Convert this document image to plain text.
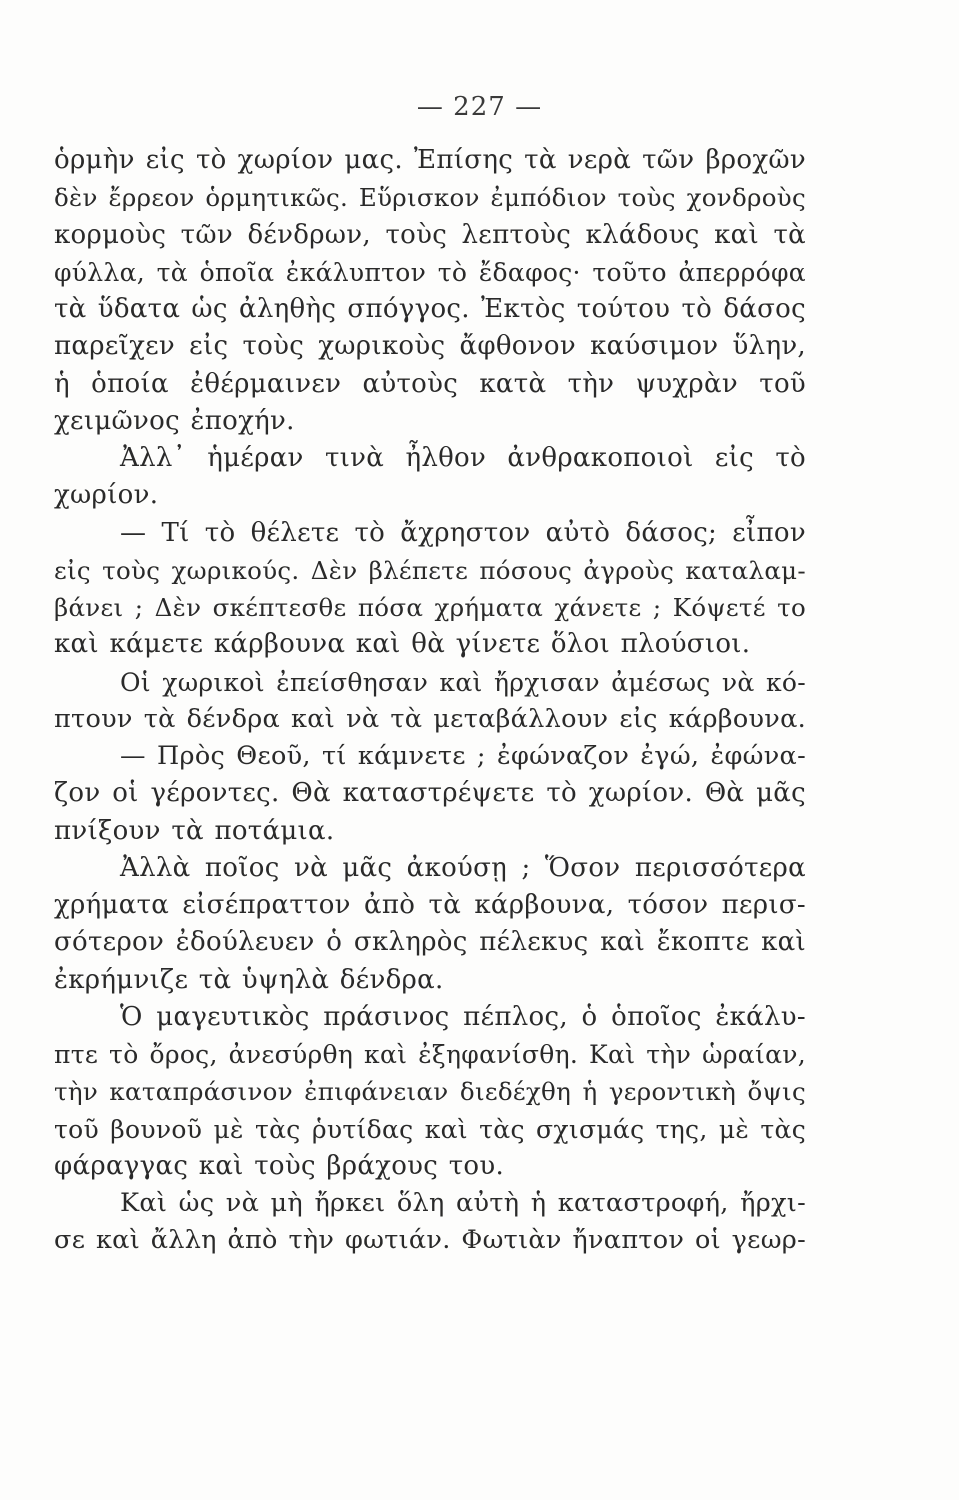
— 227 —
ὁρμὴν εἰς τὸ χωρίον μας. Ἐπίσης τὰ νερὰ τῶν βροχῶν
δὲν ἔρρεον ὁρμητικῶς. Εὕρισκον ἐμπόδιον τοὺς χονδροὺς
κορμοὺς τῶν δένδρων, τοὺς λεπτοὺς κλάδους καὶ τὰ
φύλλα, τὰ ὁποῖα ἐκάλυπτον τὸ ἔδαφος· τοῦτο ἀπερρόφα
τὰ ὕδατα ὡς ἀληθὴς σπόγγος. Ἐκτὸς τούτου τὸ δάσος
παρεῖχεν εἰς τοὺς χωρικοὺς ἄφθονον καύσιμον ὕλην,
ἡ ὁποία ἐθέρμαινεν αὐτοὺς κατὰ τὴν ψυχρὰν τοῦ
χειμῶνος ἐποχήν.
Ἀλλ᾽ ἡμέραν τινὰ ἦλθον ἀνθρακοποιοὶ εἰς τὸ
χωρίον.
— Τί τὸ θέλετε τὸ ἄχρηστον αὐτὸ δάσος; εἶπον
εἰς τοὺς χωρικούς. Δὲν βλέπετε πόσους ἀγροὺς καταλαμ-
βάνει ; Δὲν σκέπτεσθε πόσα χρήματα χάνετε ; Κόψετέ το
καὶ κάμετε κάρβουνα καὶ θὰ γίνετε ὅλοι πλούσιοι.
Οἱ χωρικοὶ ἐπείσθησαν καὶ ἤρχισαν ἀμέσως νὰ κό-
πτουν τὰ δένδρα καὶ νὰ τὰ μεταβάλλουν εἰς κάρβουνα.
— Πρὸς Θεοῦ, τί κάμνετε ; ἐφώναζον ἐγώ, ἐφώνα-
ζον οἱ γέροντες. Θὰ καταστρέψετε τὸ χωρίον. Θὰ μᾶς
πνίξουν τὰ ποτάμια.
Ἀλλὰ ποῖος νὰ μᾶς ἀκούσῃ ; Ὅσον περισσότερα
χρήματα εἰσέπραττον ἀπὸ τὰ κάρβουνα, τόσον περισ-
σότερον ἐδούλευεν ὁ σκληρὸς πέλεκυς καὶ ἔκοπτε καὶ
ἐκρήμνιζε τὰ ὑψηλὰ δένδρα.
Ὁ μαγευτικὸς πράσινος πέπλος, ὁ ὁποῖος ἐκάλυ-
πτε τὸ ὄρος, ἀνεσύρθη καὶ ἐξηφανίσθη. Καὶ τὴν ὡραίαν,
τὴν καταπράσινον ἐπιφάνειαν διεδέχθη ἡ γεροντικὴ ὄψις
τοῦ βουνοῦ μὲ τὰς ῥυτίδας καὶ τὰς σχισμάς της, μὲ τὰς
φάραγγας καὶ τοὺς βράχους του.
Καὶ ὡς νὰ μὴ ἤρκει ὅλη αὐτὴ ἡ καταστροφή, ἤρχι-
σε καὶ ἄλλη ἀπὸ τὴν φωτιάν. Φωτιὰν ἤναπτον οἱ γεωρ-
